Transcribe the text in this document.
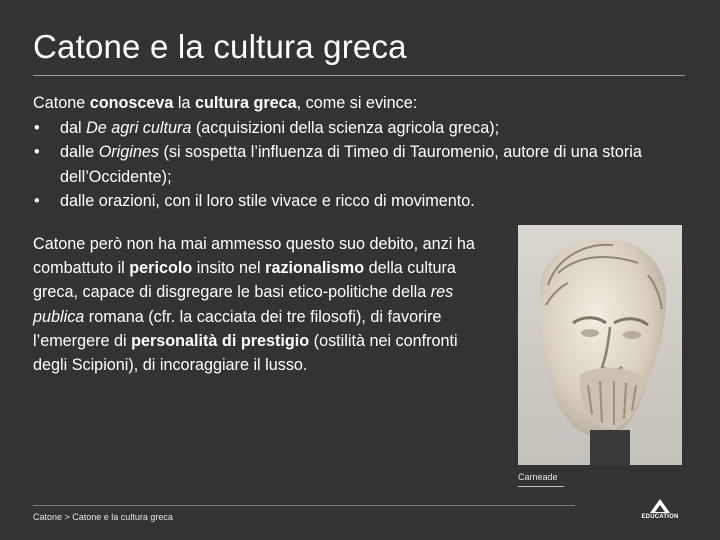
Catone e la cultura greca
Catone conosceva la cultura greca, come si evince:
• dal De agri cultura (acquisizioni della scienza agricola greca);
• dalle Origines (si sospetta l’influenza di Timeo di Tauromenio, autore di una storia dell’Occidente);
• dalle orazioni, con il loro stile vivace e ricco di movimento.
Catone però non ha mai ammesso questo suo debito, anzi ha combattuto il pericolo insito nel razionalismo della cultura greca, capace di disgregare le basi etico-politiche della res publica romana (cfr. la cacciata dei tre filosofi), di favorire l’emergere di personalità di prestigio (ostilità nei confronti degli Scipioni), di incoraggiare il lusso.
Carneade
Catone > Catone e la cultura greca	EDUCATION
